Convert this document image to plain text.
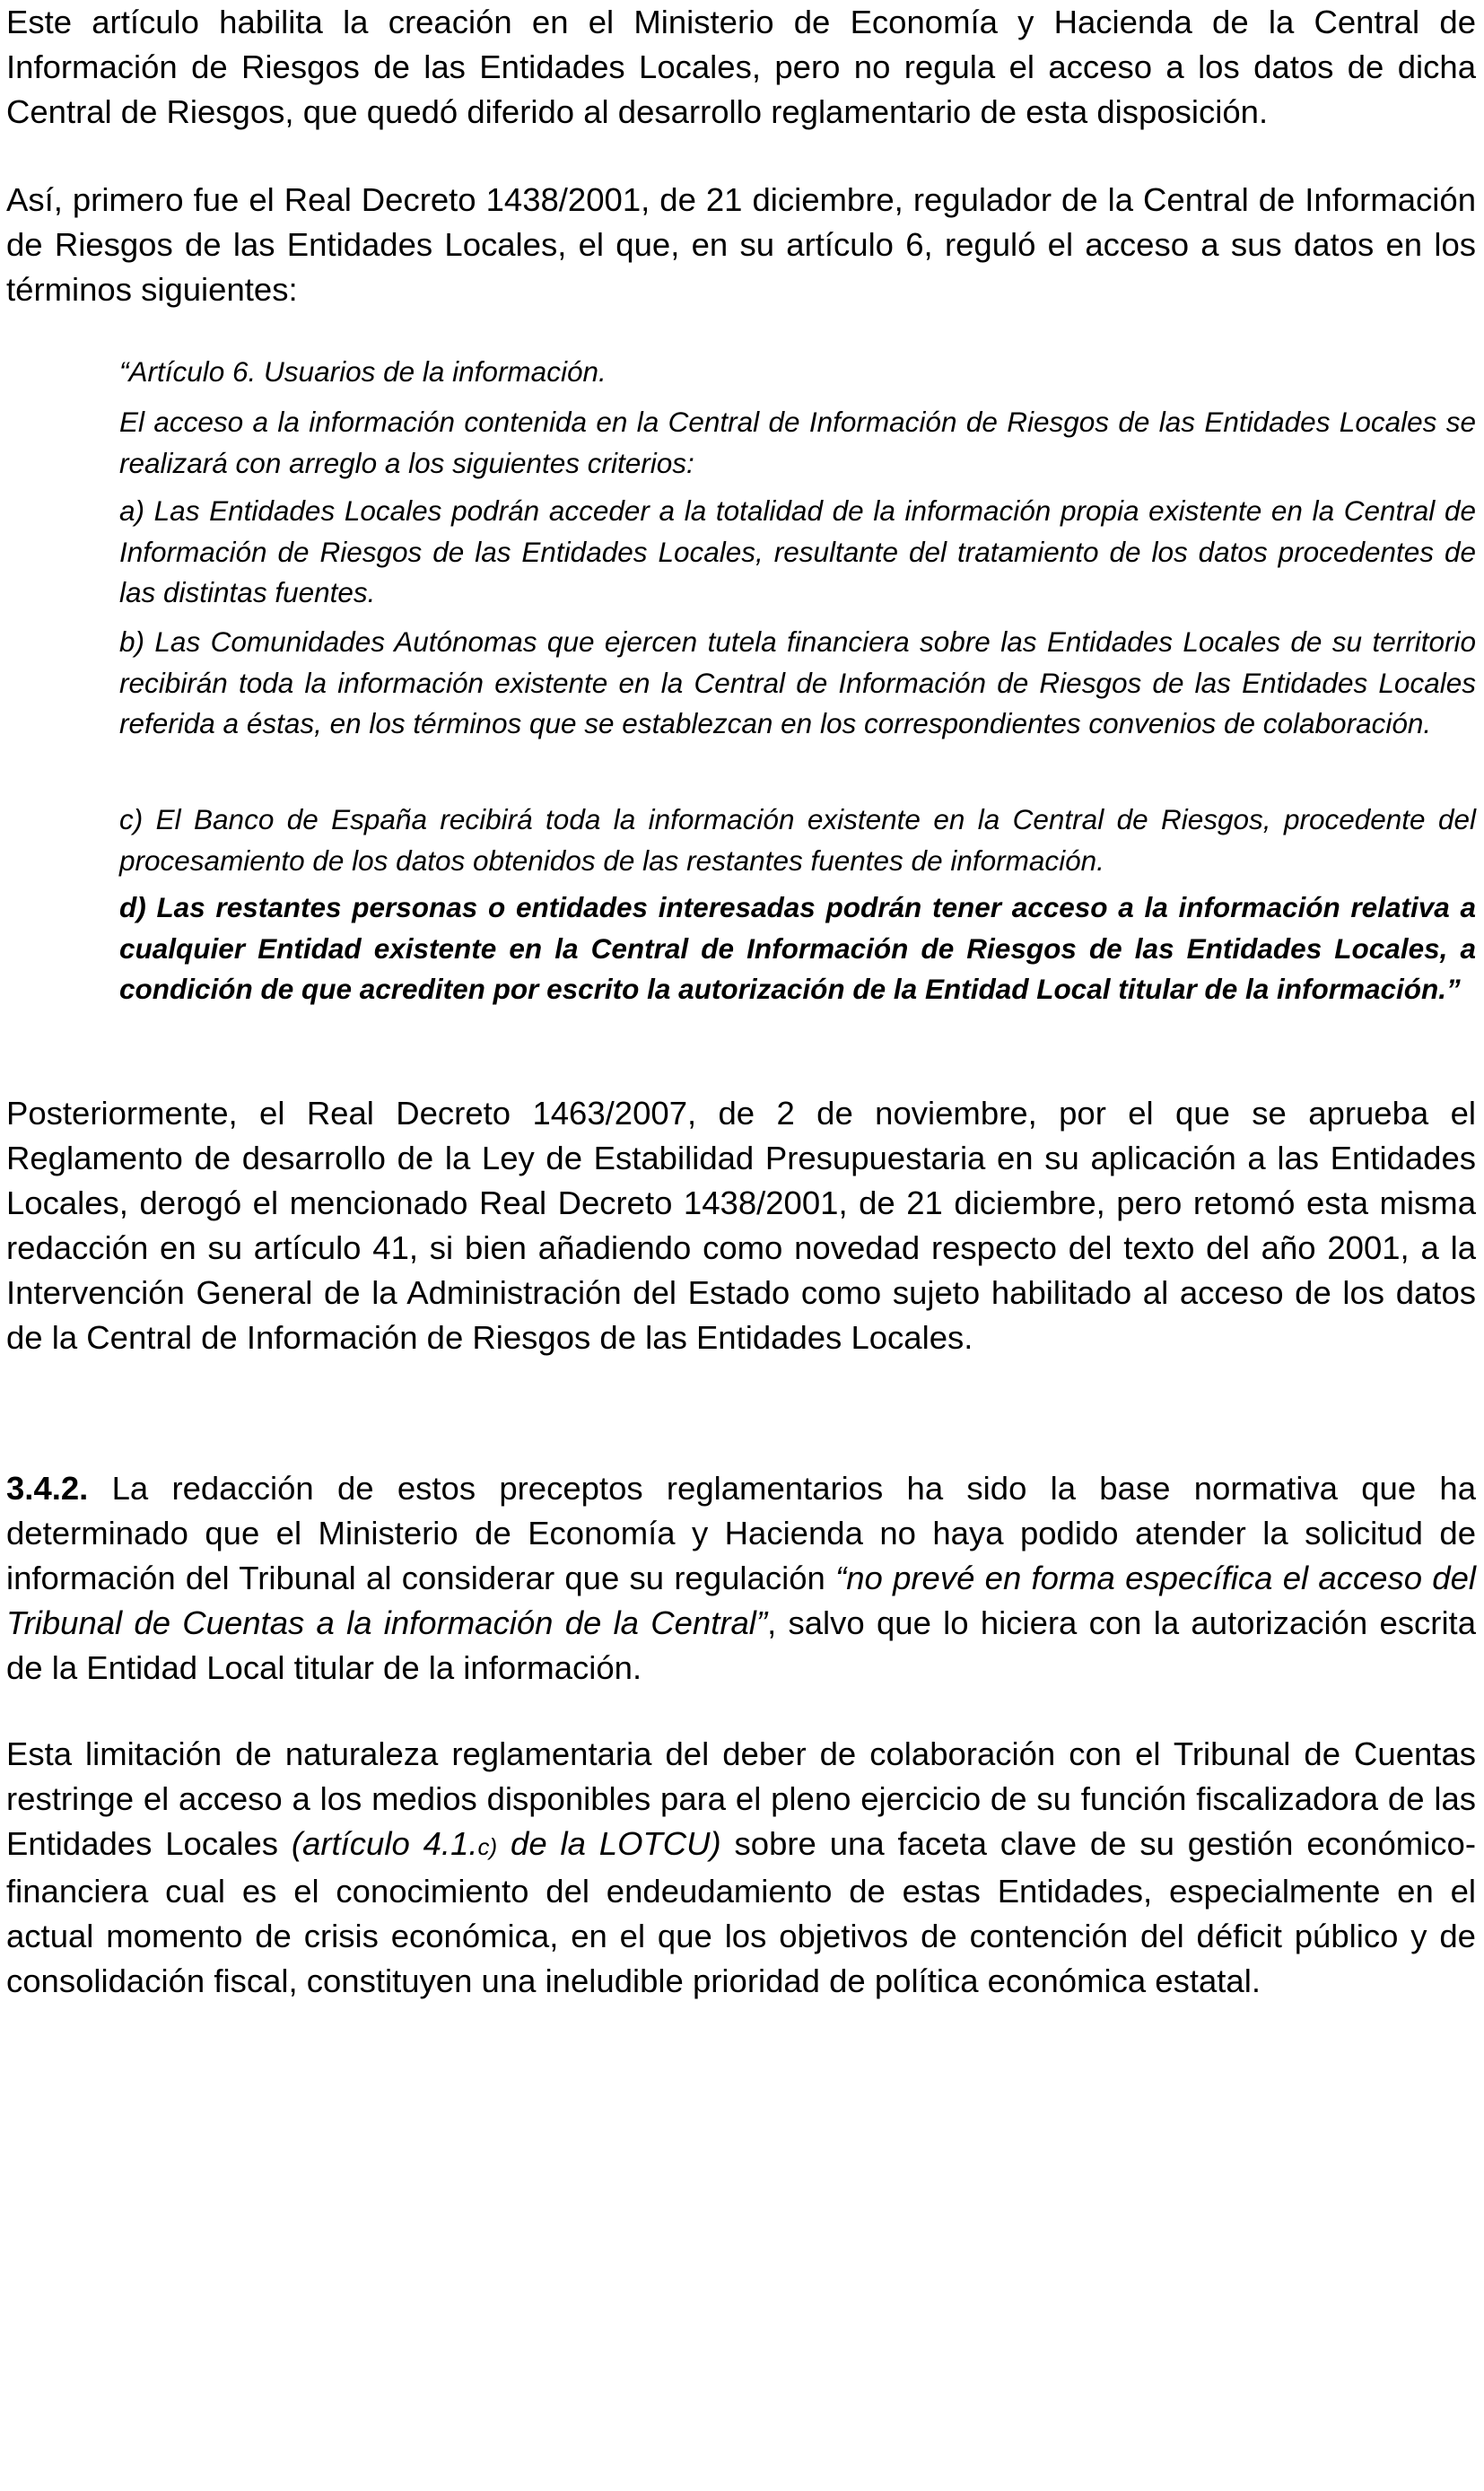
Este artículo habilita la creación en el Ministerio de Economía y Hacienda de la Central de Información de Riesgos de las Entidades Locales, pero no regula el acceso a los datos de dicha Central de Riesgos, que quedó diferido al desarrollo reglamentario de esta disposición.

Así, primero fue el Real Decreto 1438/2001, de 21 diciembre, regulador de la Central de Información de Riesgos de las Entidades Locales, el que, en su artículo 6, reguló el acceso a sus datos en los términos siguientes:

“Artículo 6. Usuarios de la información.

El acceso a la información contenida en la Central de Información de Riesgos de las Entidades Locales se realizará con arreglo a los siguientes criterios:

a) Las Entidades Locales podrán acceder a la totalidad de la información propia existente en la Central de Información de Riesgos de las Entidades Locales, resultante del tratamiento de los datos procedentes de las distintas fuentes.

b) Las Comunidades Autónomas que ejercen tutela financiera sobre las Entidades Locales de su territorio recibirán toda la información existente en la Central de Información de Riesgos de las Entidades Locales referida a éstas, en los términos que se establezcan en los correspondientes convenios de colaboración.

c) El Banco de España recibirá toda la información existente en la Central de Riesgos, procedente del procesamiento de los datos obtenidos de las restantes fuentes de información.

d) Las restantes personas o entidades interesadas podrán tener acceso a la información relativa a cualquier Entidad existente en la Central de Información de Riesgos de las Entidades Locales, a condición de que acrediten por escrito la autorización de la Entidad Local titular de la información.”

Posteriormente, el Real Decreto 1463/2007, de 2 de noviembre, por el que se aprueba el Reglamento de desarrollo de la Ley de Estabilidad Presupuestaria en su aplicación a las Entidades Locales, derogó el mencionado Real Decreto 1438/2001, de 21 diciembre, pero retomó esta misma redacción en su artículo 41, si bien añadiendo como novedad respecto del texto del año 2001, a la Intervención General de la Administración del Estado como sujeto habilitado al acceso de los datos de la Central de Información de Riesgos de las Entidades Locales.

3.4.2. La redacción de estos preceptos reglamentarios ha sido la base normativa que ha determinado que el Ministerio de Economía y Hacienda no haya podido atender la solicitud de información del Tribunal al considerar que su regulación “no prevé en forma específica el acceso del Tribunal de Cuentas a la información de la Central”, salvo que lo hiciera con la autorización escrita de la Entidad Local titular de la información.

Esta limitación de naturaleza reglamentaria del deber de colaboración con el Tribunal de Cuentas restringe el acceso a los medios disponibles para el pleno ejercicio de su función fiscalizadora de las Entidades Locales (artículo 4.1.c) de la LOTCU) sobre una faceta clave de su gestión económico-financiera cual es el conocimiento del endeudamiento de estas Entidades, especialmente en el actual momento de crisis económica, en el que los objetivos de contención del déficit público y de consolidación fiscal, constituyen una ineludible prioridad de política económica estatal.
